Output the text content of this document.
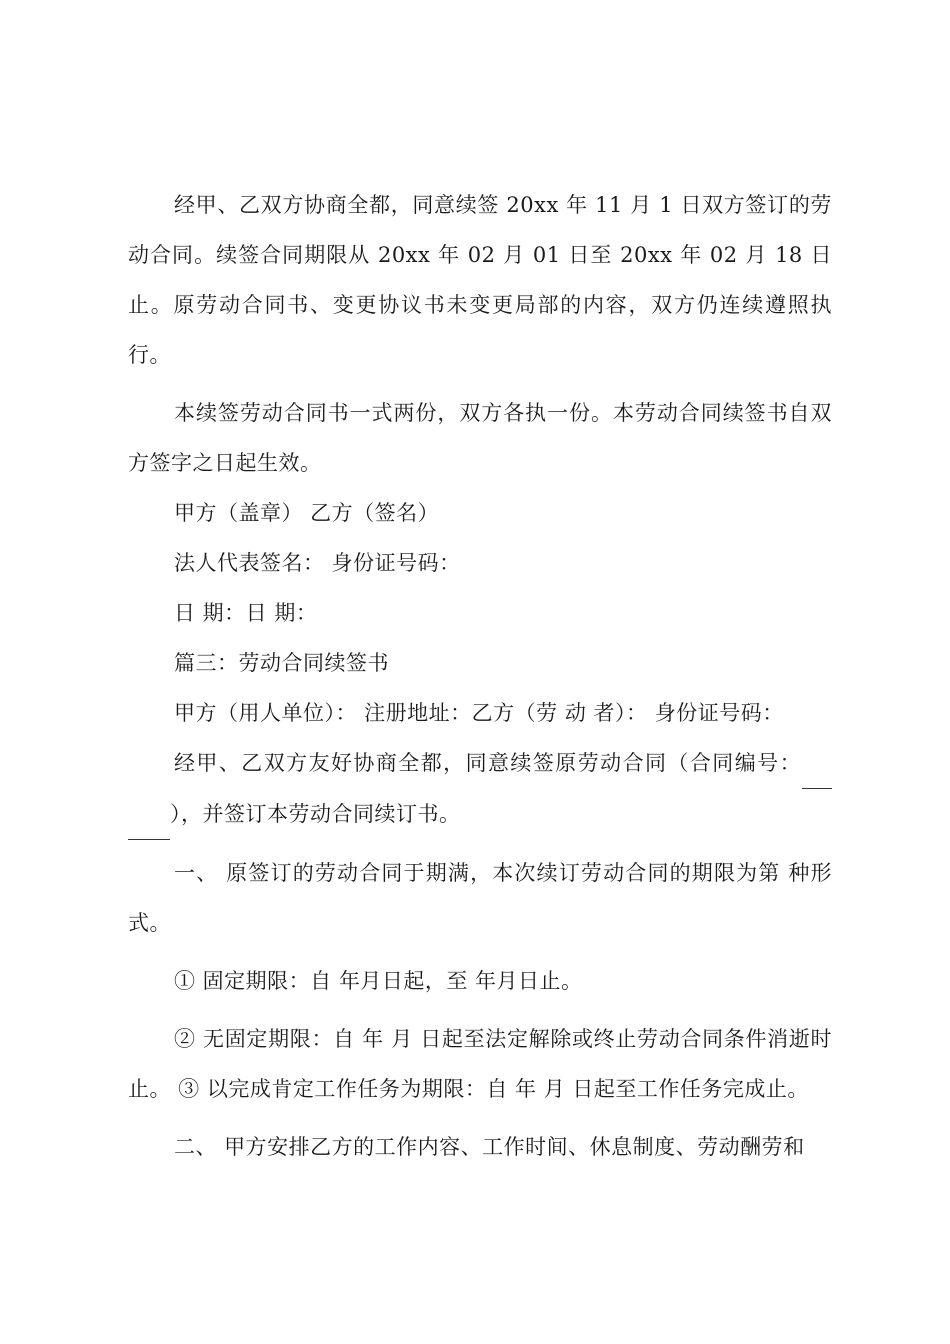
经甲、乙双方协商全都，同意续签 20xx 年 11 月 1 日双方签订的劳动合同。续签合同期限从 20xx 年 02 月 01 日至 20xx 年 02 月 18 日止。原劳动合同书、变更协议书未变更局部的内容，双方仍连续遵照执行。

本续签劳动合同书一式两份，双方各执一份。本劳动合同续签书自双方签字之日起生效。

甲方（盖章） 乙方（签名）

法人代表签名： 身份证号码：

日 期：日 期：

篇三：劳动合同续签书

甲方（用人单位）： 注册地址：乙方（劳 动 者）： 身份证号码：

经甲、乙双方友好协商全都，同意续签原劳动合同（合同编号：  ），并签订本劳动合同续订书。

一、 原签订的劳动合同于期满，本次续订劳动合同的期限为第 种形式。

① 固定期限：自 年月日起，至 年月日止。

② 无固定期限：自 年 月 日起至法定解除或终止劳动合同条件消逝时止。 ③ 以完成肯定工作任务为期限：自 年 月 日起至工作任务完成止。

二、 甲方安排乙方的工作内容、工作时间、休息制度、劳动酬劳和
